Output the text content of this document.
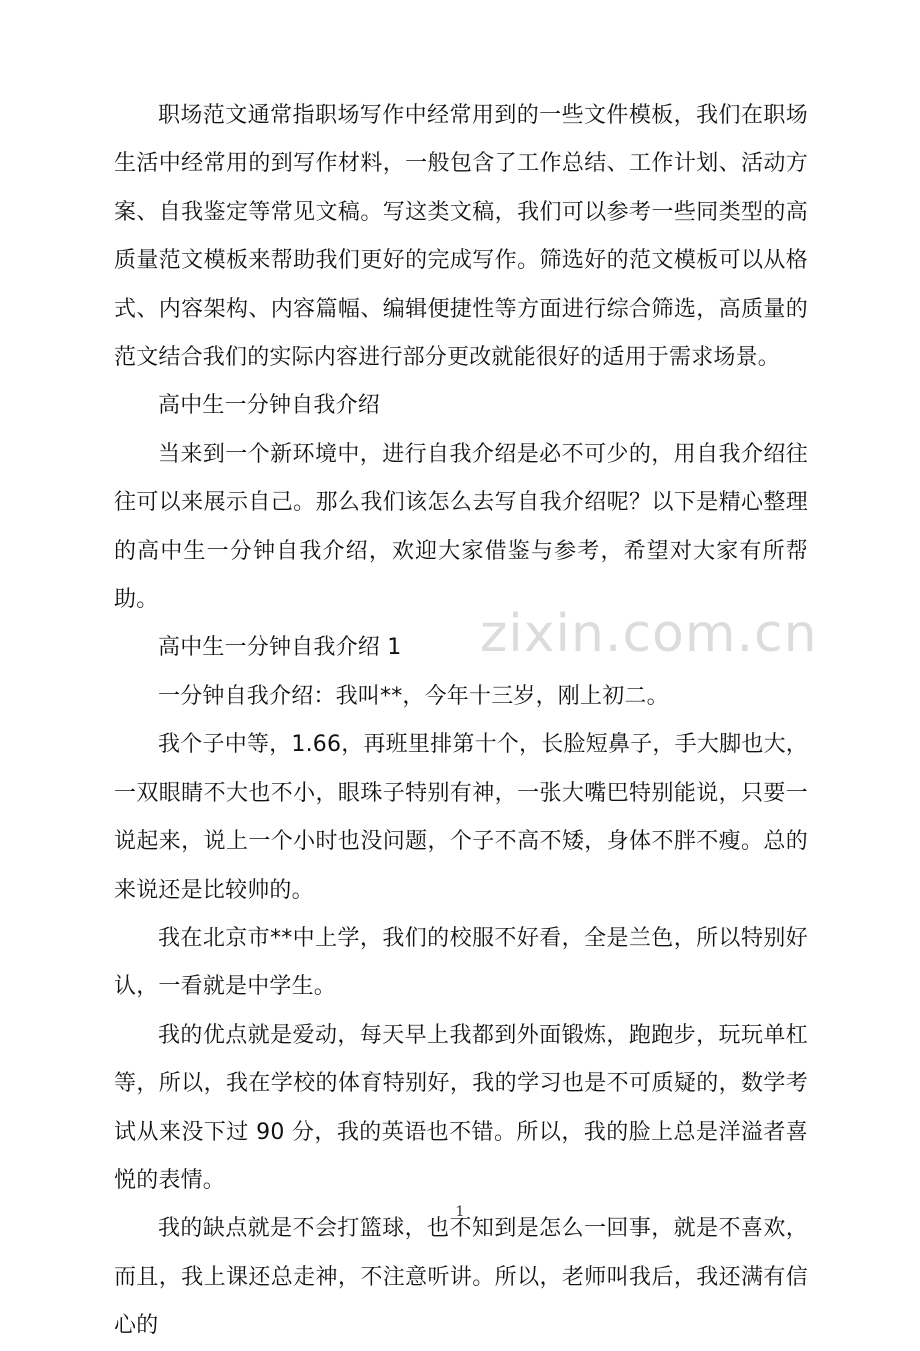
职场范文通常指职场写作中经常用到的一些文件模板，我们在职场生活中经常用的到写作材料，一般包含了工作总结、工作计划、活动方案、自我鉴定等常见文稿。写这类文稿，我们可以参考一些同类型的高质量范文模板来帮助我们更好的完成写作。筛选好的范文模板可以从格式、内容架构、内容篇幅、编辑便捷性等方面进行综合筛选，高质量的范文结合我们的实际内容进行部分更改就能很好的适用于需求场景。

高中生一分钟自我介绍

当来到一个新环境中，进行自我介绍是必不可少的，用自我介绍往往可以来展示自己。那么我们该怎么去写自我介绍呢？以下是精心整理的高中生一分钟自我介绍，欢迎大家借鉴与参考，希望对大家有所帮助。

高中生一分钟自我介绍 1

一分钟自我介绍：我叫**，今年十三岁，刚上初二。

我个子中等，1.66，再班里排第十个，长脸短鼻子，手大脚也大，一双眼睛不大也不小，眼珠子特别有神，一张大嘴巴特别能说，只要一说起来，说上一个小时也没问题，个子不高不矮，身体不胖不瘦。总的来说还是比较帅的。

我在北京市**中上学，我们的校服不好看，全是兰色，所以特别好认，一看就是中学生。

我的优点就是爱动，每天早上我都到外面锻炼，跑跑步，玩玩单杠等，所以，我在学校的体育特别好，我的学习也是不可质疑的，数学考试从来没下过 90 分，我的英语也不错。所以，我的脸上总是洋溢者喜悦的表情。

我的缺点就是不会打篮球，也不知到是怎么一回事，就是不喜欢，而且，我上课还总走神，不注意听讲。所以，老师叫我后，我还满有信心的

zixin.com.cn
1
